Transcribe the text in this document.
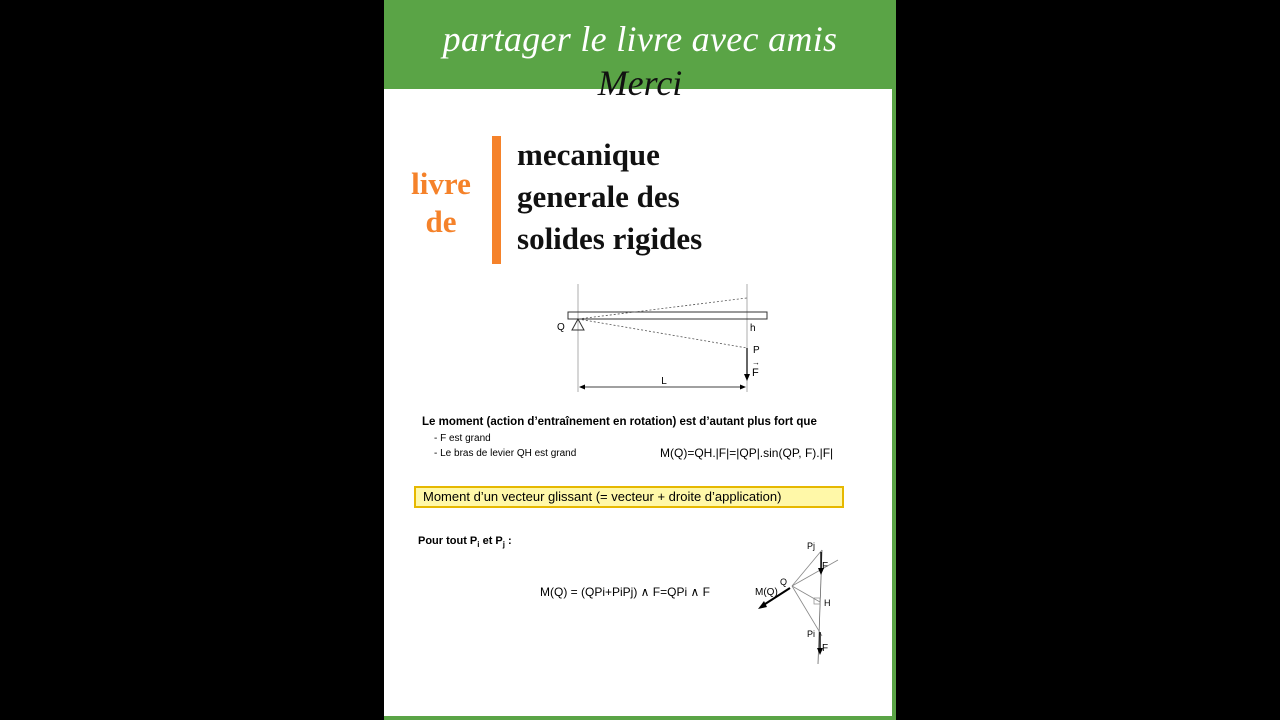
partager le livre avec amis
Merci
livre
de
mecanique
generale des
solides rigides
Q	h
P
F
→
L
Le moment (action d’entraînement en rotation) est d’autant plus fort que
- F est grand
- Le bras de levier QH est grand	M(Q)=QH.|F|=|QP|.sin(QP, F).|F|
Moment d’un vecteur glissant (= vecteur + droite d’application)
Pour tout $P_i$ et $P_j$ :
M(Q) = (QPi+PiPj) ∧ F=QPi ∧ F	M(Q)
Q
Pj
Pi
H
F
F
